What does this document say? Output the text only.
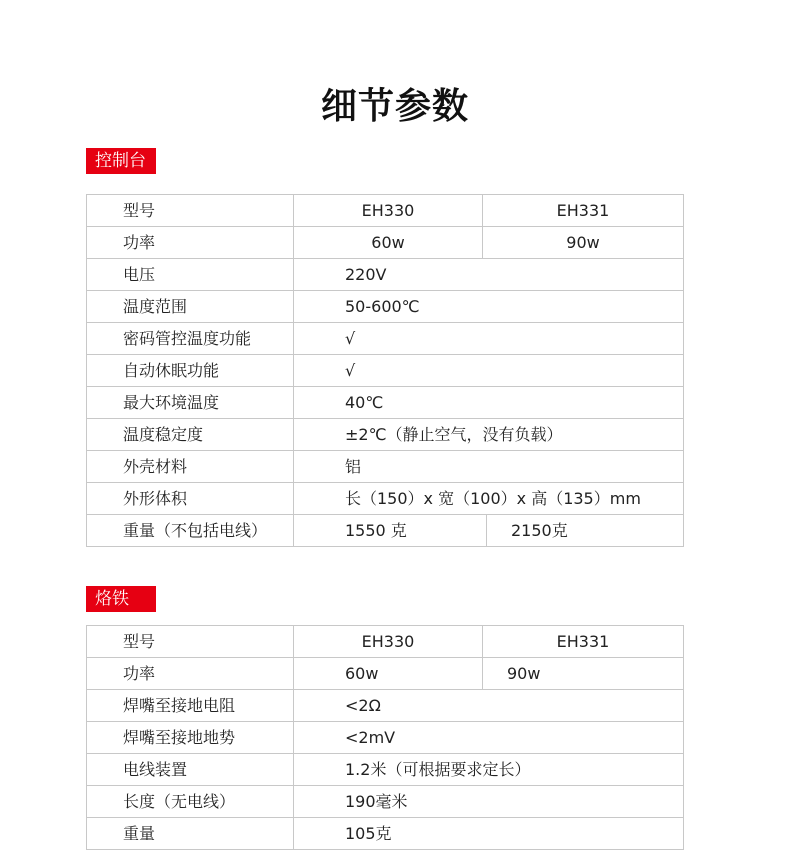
细节参数
控制台
型号	EH330	EH331
功率	60w	90w
电压	220V
温度范围	50-600℃
密码管控温度功能	√
自动休眠功能	√
最大环境温度	40℃
温度稳定度	±2℃（静止空气，没有负载）
外壳材料	铝
外形体积	长（150）x 宽（100）x 高（135）mm
重量（不包括电线）	1550 克	2150克
烙铁
型号	EH330	EH331
功率	60w	90w
焊嘴至接地电阻	<2Ω
焊嘴至接地地势	<2mV
电线装置	1.2米（可根据要求定长）
长度（无电线）	190毫米
重量	105克
